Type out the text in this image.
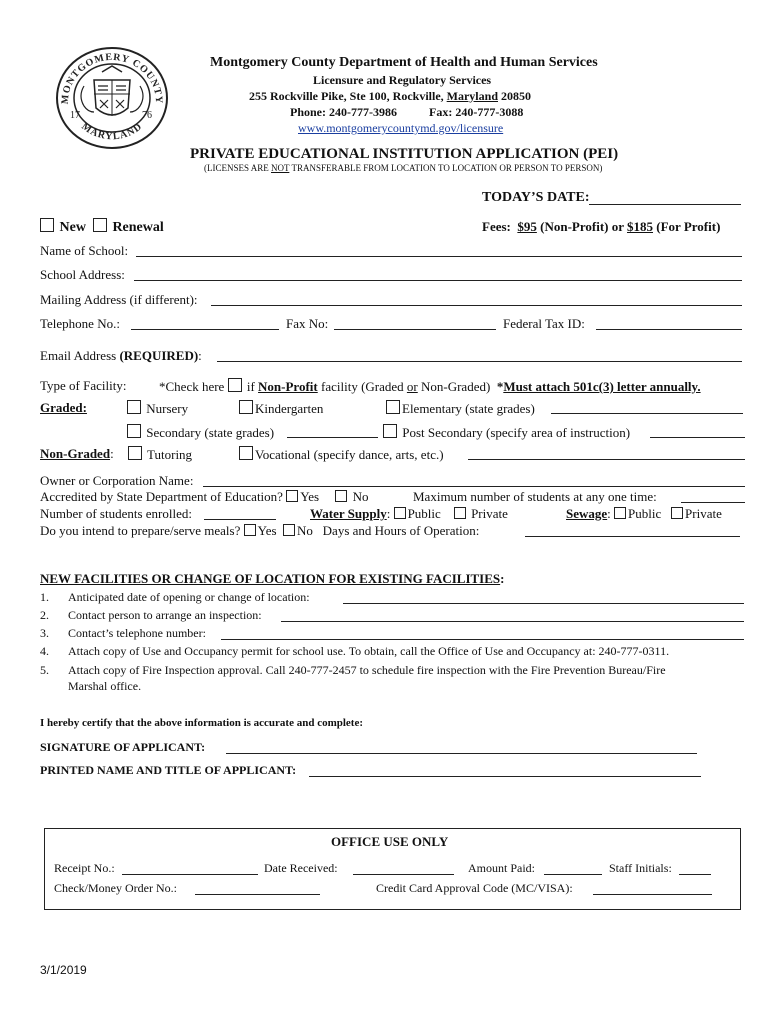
MONTGOMERY COUNTY
MARYLAND
17	76
Montgomery County Department of Health and Human Services
Licensure and Regulatory Services
255 Rockville Pike, Ste 100, Rockville, Maryland 20850
Phone: 240-777-3986	Fax: 240-777-3088
www.montgomerycountymd.gov/licensure
PRIVATE EDUCATIONAL INSTITUTION APPLICATION (PEI)
(LICENSES ARE NOT TRANSFERABLE FROM LOCATION TO LOCATION OR PERSON TO PERSON)
TODAY’S DATE:
New Renewal	Fees: $95 (Non-Profit) or $185 (For Profit)
Name of School:
School Address:
Mailing Address (if different):
Telephone No.:	Fax No:	Federal Tax ID:
Email Address (REQUIRED):
Type of Facility:	*Check here if Non-Profit facility (Graded or Non-Graded) *Must attach 501c(3) letter annually.
Graded:	Nursery	Kindergarten	Elementary (state grades)
Secondary (state grades)	Post Secondary (specify area of instruction)
Non-Graded:	Tutoring	Vocational (specify dance, arts, etc.)
Owner or Corporation Name:
Accredited by State Department of Education? Yes	No	Maximum number of students at any one time:
Number of students enrolled:	Water Supply: Public Private	Sewage: Public Private
Do you intend to prepare/serve meals? Yes No Days and Hours of Operation:
NEW FACILITIES OR CHANGE OF LOCATION FOR EXISTING FACILITIES:
1. Anticipated date of opening or change of location:
2. Contact person to arrange an inspection:
3. Contact’s telephone number:
4. Attach copy of Use and Occupancy permit for school use. To obtain, call the Office of Use and Occupancy at: 240-777-0311.
5. Attach copy of Fire Inspection approval. Call 240-777-2457 to schedule fire inspection with the Fire Prevention Bureau/Fire
Marshal office.
I hereby certify that the above information is accurate and complete:
SIGNATURE OF APPLICANT:
PRINTED NAME AND TITLE OF APPLICANT:
OFFICE USE ONLY
Receipt No.:	Date Received:	Amount Paid:	Staff Initials:
Check/Money Order No.:	Credit Card Approval Code (MC/VISA):
3/1/2019
